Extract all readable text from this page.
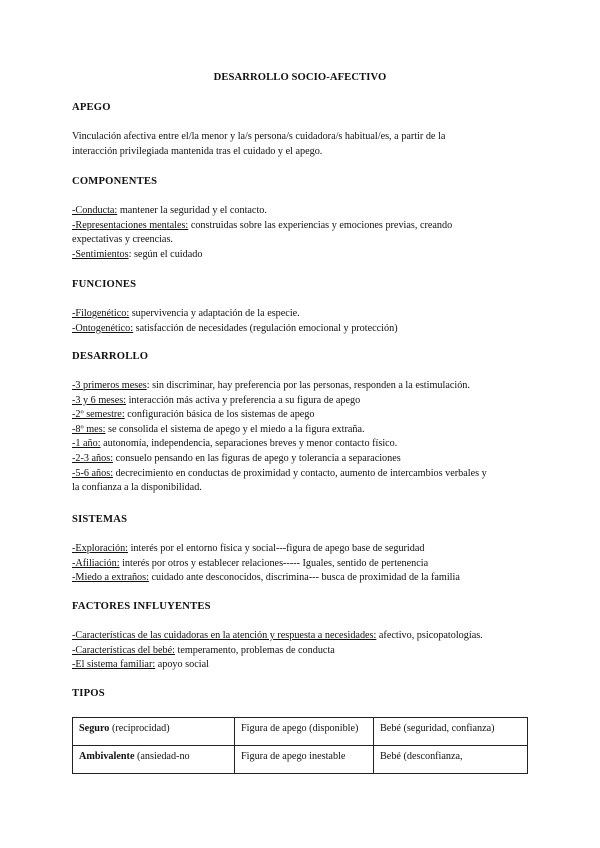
DESARROLLO SOCIO-AFECTIVO
APEGO
Vinculación afectiva entre el/la menor y la/s persona/s cuidadora/s habitual/es, a partir de la
interacción privilegiada mantenida tras el cuidado y el apego.
COMPONENTES
-Conducta: mantener la seguridad y el contacto.
-Representaciones mentales: construidas sobre las experiencias y emociones previas, creando
expectativas y creencias.
-Sentimientos: según el cuidado
FUNCIONES
-Filogenético: supervivencia y adaptación de la especie.
-Ontogenético: satisfacción de necesidades (regulación emocional y protección)
DESARROLLO
-3 primeros meses: sin discriminar, hay preferencia por las personas, responden a la estimulación.
-3 y 6 meses: interacción más activa y preferencia a su figura de apego
-2º semestre: configuración básica de los sistemas de apego
-8º mes: se consolida el sistema de apego y el miedo a la figura extraña.
-1 año: autonomía, independencia, separaciones breves y menor contacto físico.
-2-3 años: consuelo pensando en las figuras de apego y tolerancia a separaciones
-5-6 años: decrecimiento en conductas de proximidad y contacto, aumento de intercambios verbales y
la confianza a la disponibilidad.
SISTEMAS
-Exploración: interés por el entorno física y social---figura de apego base de seguridad
-Afiliación: interés por otros y establecer relaciones----- Iguales, sentido de pertenencia
-Miedo a extraños: cuidado ante desconocidos, discrimina--- busca de proximidad de la familia
FACTORES INFLUYENTES
-Características de las cuidadoras en la atención y respuesta a necesidades: afectivo, psicopatologías.
-Características del bebé: temperamento, problemas de conducta
-El sistema familiar: apoyo social
TIPOS
Seguro (reciprocidad)	Figura de apego (disponible)	Bebé (seguridad, confianza)
Ambivalente (ansiedad-no	Figura de apego inestable	Bebé (desconfianza,
